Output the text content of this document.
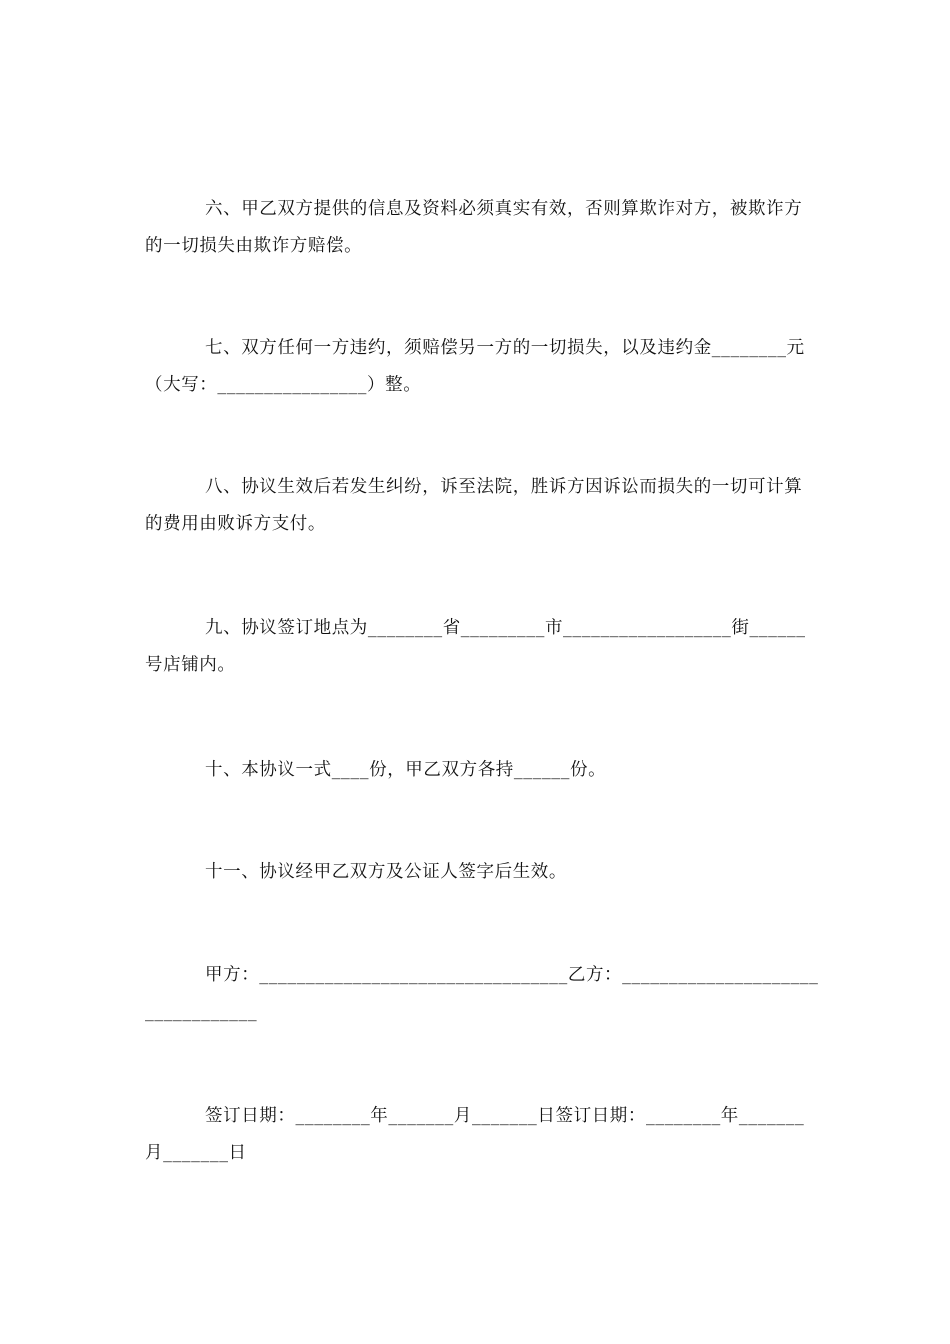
六、甲乙双方提供的信息及资料必须真实有效，否则算欺诈对方，被欺诈方
的一切损失由欺诈方赔偿。

七、双方任何一方违约，须赔偿另一方的一切损失，以及违约金________元
（大写：________________）整。

八、协议生效后若发生纠纷，诉至法院，胜诉方因诉讼而损失的一切可计算
的费用由败诉方支付。

九、协议签订地点为________省_________市__________________街______
号店铺内。

十、本协议一式____份，甲乙双方各持______份。

十一、协议经甲乙双方及公证人签字后生效。

甲方：_________________________________乙方：_____________________
____________

签订日期：________年_______月_______日签订日期：________年_______
月_______日
